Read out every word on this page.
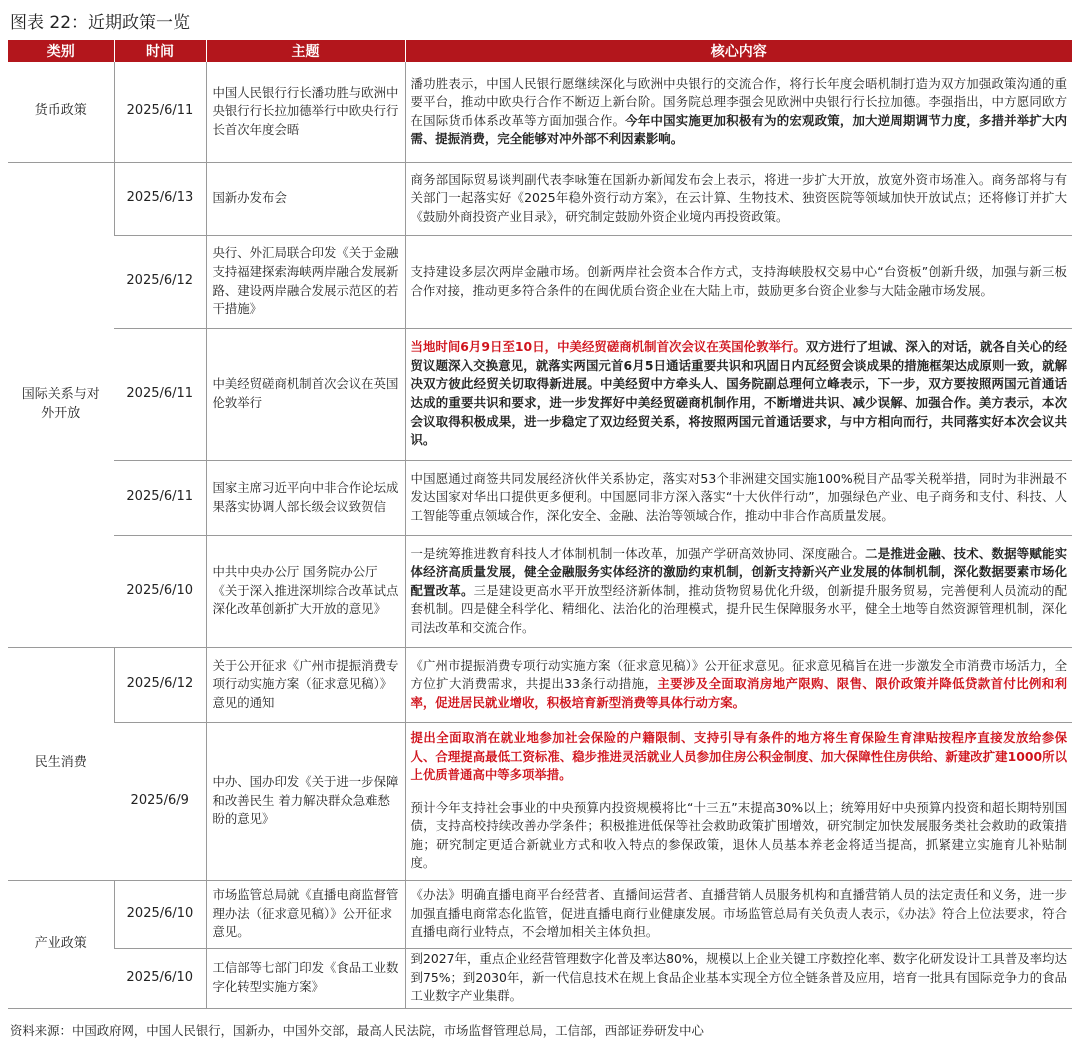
图表 22：近期政策一览
类别	时间	主题	核心内容
货币政策	2025/6/11	中国人民银行行长潘功胜与欧洲中央银行行长拉加德举行中欧央行行长首次年度会晤	潘功胜表示，中国人民银行愿继续深化与欧洲中央银行的交流合作，将行长年度会晤机制打造为双方加强政策沟通的重要平台，推动中欧央行合作不断迈上新台阶。国务院总理李强会见欧洲中央银行行长拉加德。李强指出，中方愿同欧方在国际货币体系改革等方面加强合作。今年中国实施更加积极有为的宏观政策，加大逆周期调节力度，多措并举扩大内需、提振消费，完全能够对冲外部不利因素影响。
国际关系与对外开放	2025/6/13	国新办发布会	商务部国际贸易谈判副代表李咏箑在国新办新闻发布会上表示，将进一步扩大开放，放宽外资市场准入。商务部将与有关部门一起落实好《2025年稳外资行动方案》，在云计算、生物技术、独资医院等领域加快开放试点；还将修订并扩大《鼓励外商投资产业目录》，研究制定鼓励外资企业境内再投资政策。
	2025/6/12	央行、外汇局联合印发《关于金融支持福建探索海峡两岸融合发展新路、建设两岸融合发展示范区的若干措施》	支持建设多层次两岸金融市场。创新两岸社会资本合作方式，支持海峡股权交易中心“台资板”创新升级，加强与新三板合作对接，推动更多符合条件的在闽优质台资企业在大陆上市，鼓励更多台资企业参与大陆金融市场发展。
	2025/6/11	中美经贸磋商机制首次会议在英国伦敦举行	当地时间6月9日至10日，中美经贸磋商机制首次会议在英国伦敦举行。双方进行了坦诚、深入的对话，就各自关心的经贸议题深入交换意见，就落实两国元首6月5日通话重要共识和巩固日内瓦经贸会谈成果的措施框架达成原则一致，就解决双方彼此经贸关切取得新进展。中美经贸中方牵头人、国务院副总理何立峰表示，下一步，双方要按照两国元首通话达成的重要共识和要求，进一步发挥好中美经贸磋商机制作用，不断增进共识、减少误解、加强合作。美方表示，本次会议取得积极成果，进一步稳定了双边经贸关系，将按照两国元首通话要求，与中方相向而行，共同落实好本次会议共识。
	2025/6/11	国家主席习近平向中非合作论坛成果落实协调人部长级会议致贺信	中国愿通过商签共同发展经济伙伴关系协定，落实对53个非洲建交国实施100%税目产品零关税举措，同时为非洲最不发达国家对华出口提供更多便利。中国愿同非方深入落实“十大伙伴行动”，加强绿色产业、电子商务和支付、科技、人工智能等重点领域合作，深化安全、金融、法治等领域合作，推动中非合作高质量发展。
	2025/6/10	中共中央办公厅 国务院办公厅《关于深入推进深圳综合改革试点深化改革创新扩大开放的意见》	一是统筹推进教育科技人才体制机制一体改革，加强产学研高效协同、深度融合。二是推进金融、技术、数据等赋能实体经济高质量发展，健全金融服务实体经济的激励约束机制，创新支持新兴产业发展的体制机制，深化数据要素市场化配置改革。三是建设更高水平开放型经济新体制，推动货物贸易优化升级，创新提升服务贸易，完善便利人员流动的配套机制。四是健全科学化、精细化、法治化的治理模式，提升民生保障服务水平，健全土地等自然资源管理机制，深化司法改革和交流合作。
民生消费	2025/6/12	关于公开征求《广州市提振消费专项行动实施方案（征求意见稿）》意见的通知	《广州市提振消费专项行动实施方案（征求意见稿）》公开征求意见。征求意见稿旨在进一步激发全市消费市场活力，全方位扩大消费需求，共提出33条行动措施，主要涉及全面取消房地产限购、限售、限价政策并降低贷款首付比例和利率，促进居民就业增收，积极培育新型消费等具体行动方案。
	2025/6/9	中办、国办印发《关于进一步保障和改善民生 着力解决群众急难愁盼的意见》	提出全面取消在就业地参加社会保险的户籍限制、支持引导有条件的地方将生育保险生育津贴按程序直接发放给参保人、合理提高最低工资标准、稳步推进灵活就业人员参加住房公积金制度、加大保障性住房供给、新建改扩建1000所以上优质普通高中等多项举措。
预计今年支持社会事业的中央预算内投资规模将比“十三五”末提高30%以上；统筹用好中央预算内投资和超长期特别国债，支持高校持续改善办学条件；积极推进低保等社会救助政策扩围增效，研究制定加快发展服务类社会救助的政策措施；研究制定更适合新就业方式和收入特点的参保政策，退休人员基本养老金将适当提高，抓紧建立实施育儿补贴制度。
产业政策	2025/6/10	市场监管总局就《直播电商监督管理办法（征求意见稿）》公开征求意见。	《办法》明确直播电商平台经营者、直播间运营者、直播营销人员服务机构和直播营销人员的法定责任和义务，进一步加强直播电商常态化监管，促进直播电商行业健康发展。市场监管总局有关负责人表示，《办法》符合上位法要求，符合直播电商行业特点，不会增加相关主体负担。
	2025/6/10	工信部等七部门印发《食品工业数字化转型实施方案》	到2027年，重点企业经营管理数字化普及率达80%，规模以上企业关键工序数控化率、数字化研发设计工具普及率均达到75%；到2030年，新一代信息技术在规上食品企业基本实现全方位全链条普及应用，培育一批具有国际竞争力的食品工业数字产业集群。
资料来源：中国政府网，中国人民银行，国新办，中国外交部，最高人民法院，市场监督管理总局，工信部，西部证券研发中心
